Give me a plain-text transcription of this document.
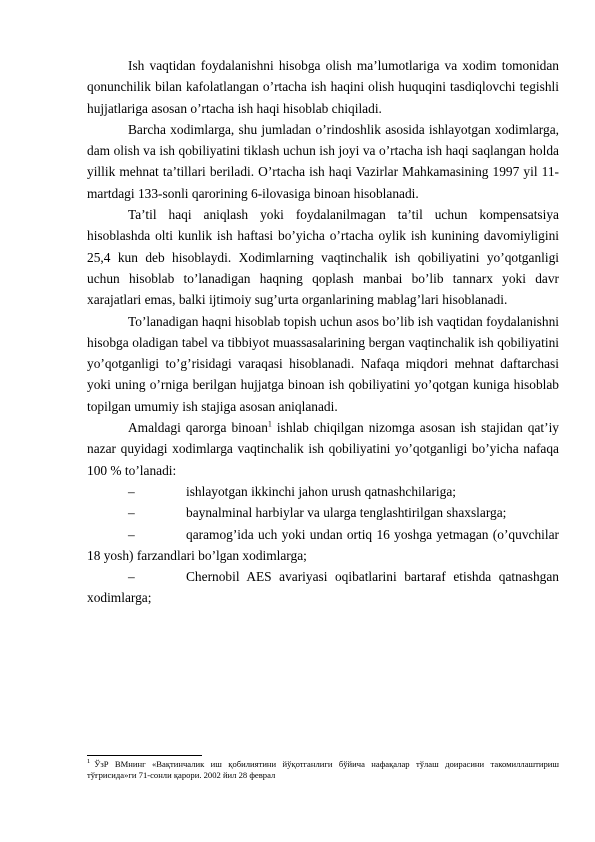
Ish vaqtidan foydalanishni hisobga olish ma’lumotlariga va xodim tomonidan qonunchilik bilan kafolatlangan o’rtacha ish haqini olish huquqini tasdiqlovchi tegishli hujjatlariga asosan o’rtacha ish haqi hisoblab chiqiladi.

Barcha xodimlarga, shu jumladan o’rindoshlik asosida ishlayotgan xodimlarga, dam olish va ish qobiliyatini tiklash uchun ish joyi va o’rtacha ish haqi saqlangan holda yillik mehnat ta’tillari beriladi. O’rtacha ish haqi Vazirlar Mahkamasining 1997 yil 11-martdagi 133-sonli qarorining 6-ilovasiga binoan hisoblanadi.

Ta’til haqi aniqlash yoki foydalanilmagan ta’til uchun kompensatsiya hisoblashda olti kunlik ish haftasi bo’yicha o’rtacha oylik ish kunining davomiyligini 25,4 kun deb hisoblaydi. Xodimlarning vaqtinchalik ish qobiliyatini yo’qotganligi uchun hisoblab to’lanadigan haqning qoplash manbai bo’lib tannarx yoki davr xarajatlari emas, balki ijtimoiy sug’urta organlarining mablag’lari hisoblanadi.

To’lanadigan haqni hisoblab topish uchun asos bo’lib ish vaqtidan foydalanishni hisobga oladigan tabel va tibbiyot muassasalarining bergan vaqtinchalik ish qobiliyatini yo’qotganligi to’g’risidagi varaqasi hisoblanadi. Nafaqa miqdori mehnat daftarchasi yoki uning o’rniga berilgan hujjatga binoan ish qobiliyatini yo’qotgan kuniga hisoblab topilgan umumiy ish stajiga asosan aniqlanadi.

Amaldagi qarorga binoan$^1$ ishlab chiqilgan nizomga asosan ish stajidan qat’iy nazar quyidagi xodimlarga vaqtinchalik ish qobiliyatini yo’qotganligi bo’yicha nafaqa 100 % to’lanadi:

–	ishlayotgan ikkinchi jahon urush qatnashchilariga;
–	baynalminal harbiylar va ularga tenglashtirilgan shaxslarga;

–	qaramog’ida uch yoki undan ortiq 16 yoshga yetmagan (o’quvchilar 18 yosh) farzandlari bo’lgan xodimlarga;

–	Chernobil AES avariyasi oqibatlarini bartaraf etishda qatnashgan xodimlarga;

$^1$ ЎзР ВМнинг «Вақтинчалик иш қобилиятини йўқотганлиги бўйича нафақалар тўлаш доирасини такомиллаштириш тўғрисида»ги 71-сонли қарори. 2002 йил 28 феврал
